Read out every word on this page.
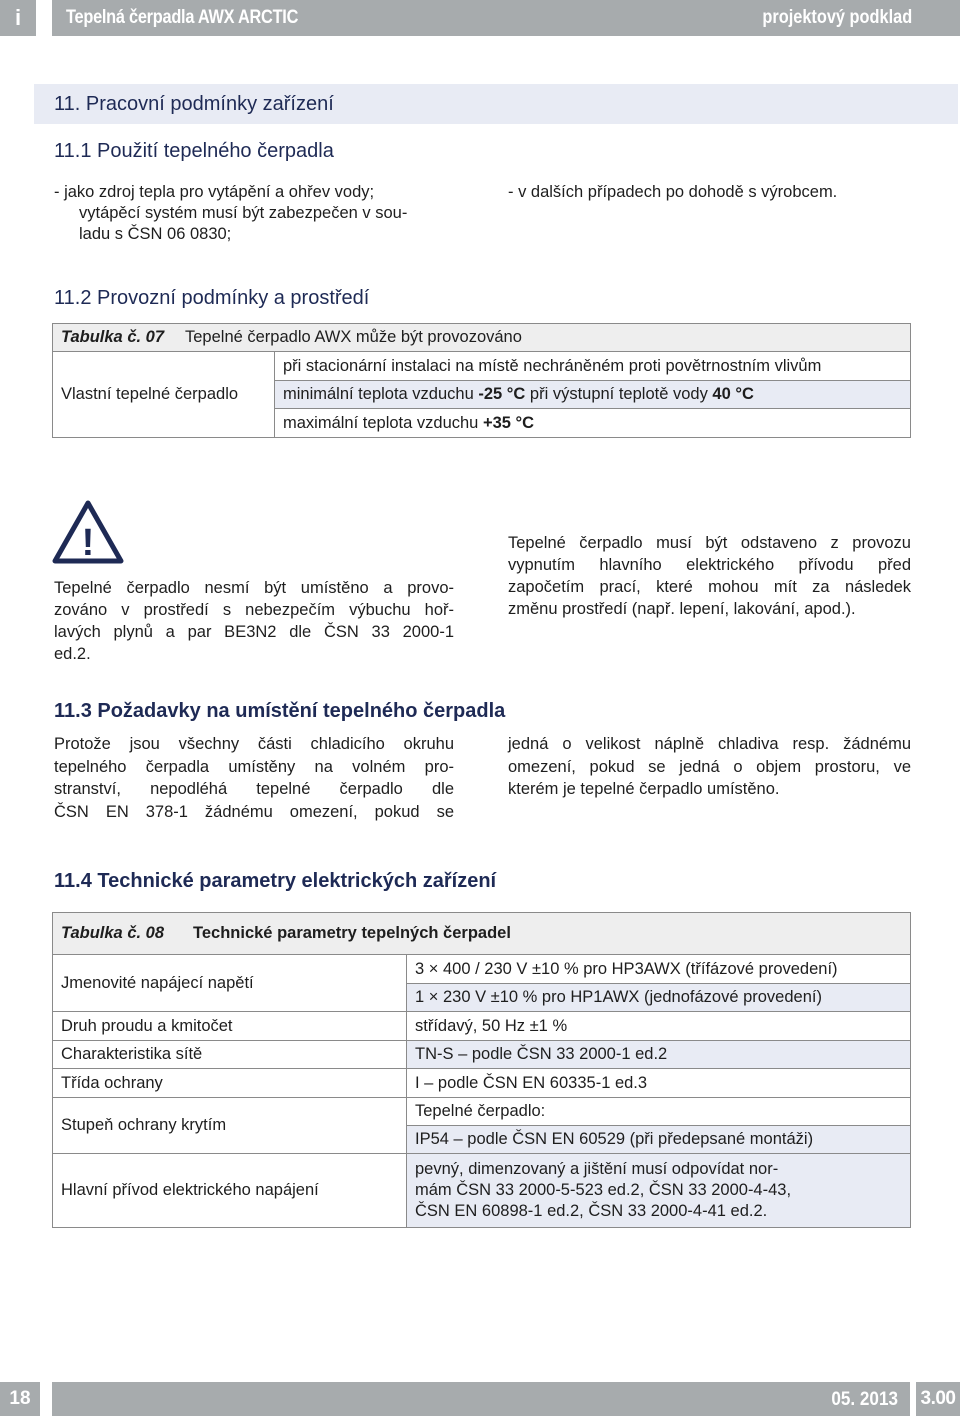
i	Tepelná čerpadla AWX ARCTIC	projektový podklad
11. Pracovní podmínky zařízení
11.1 Použití tepelného čerpadla
- jako zdroj tepla pro vytápění a ohřev vody;
vytápěcí systém musí být zabezpečen v sou-
ladu s ČSN 06 0830;
- v dalších případech po dohodě s výrobcem.
11.2 Provozní podmínky a prostředí
Tabulka č. 07 Tepelné čerpadlo AWX může být provozováno
Vlastní tepelné čerpadlo	při stacionární instalaci na místě nechráněném proti povětrnostním vlivům
minimální teplota vzduchu -25 °C při výstupní teplotě vody 40 °C
maximální teplota vzduchu +35 °C
!
Tepelné čerpadlo nesmí být umístěno a provo-
zováno v prostředí s nebezpečím výbuchu hoř-
lavých plynů a par BE3N2 dle ČSN 33 2000-1
ed.2.
Tepelné čerpadlo musí být odstaveno z provozu
vypnutím hlavního elektrického přívodu před
započetím prací, které mohou mít za následek
změnu prostředí (např. lepení, lakování, apod.).
11.3 Požadavky na umístění tepelného čerpadla
Protože jsou všechny části chladicího okruhu
tepelného čerpadla umístěny na volném pro-
stranství, nepodléhá tepelné čerpadlo dle
ČSN EN 378-1 žádnému omezení, pokud se
jedná o velikost náplně chladiva resp. žádnému
omezení, pokud se jedná o objem prostoru, ve
kterém je tepelné čerpadlo umístěno.
11.4 Technické parametry elektrických zařízení
Tabulka č. 08 Technické parametry tepelných čerpadel	
Jmenovité napájecí napětí	3 × 400 / 230 V ±10 % pro HP3AWX (třífázové provedení)
	1 × 230 V ±10 % pro HP1AWX (jednofázové provedení)
Druh proudu a kmitočet	střídavý, 50 Hz ±1 %
Charakteristika sítě	TN-S – podle ČSN 33 2000-1 ed.2
Třída ochrany	I – podle ČSN EN 60335-1 ed.3
Stupeň ochrany krytím	Tepelné čerpadlo:
	IP54 – podle ČSN EN 60529 (při předepsané montáži)
Hlavní přívod elektrického napájení	pevný, dimenzovaný a jištění musí odpovídat nor-
mám ČSN 33 2000-5-523 ed.2, ČSN 33 2000-4-43,
ČSN EN 60898-1 ed.2, ČSN 33 2000-4-41 ed.2.
18	05. 2013 3.00
